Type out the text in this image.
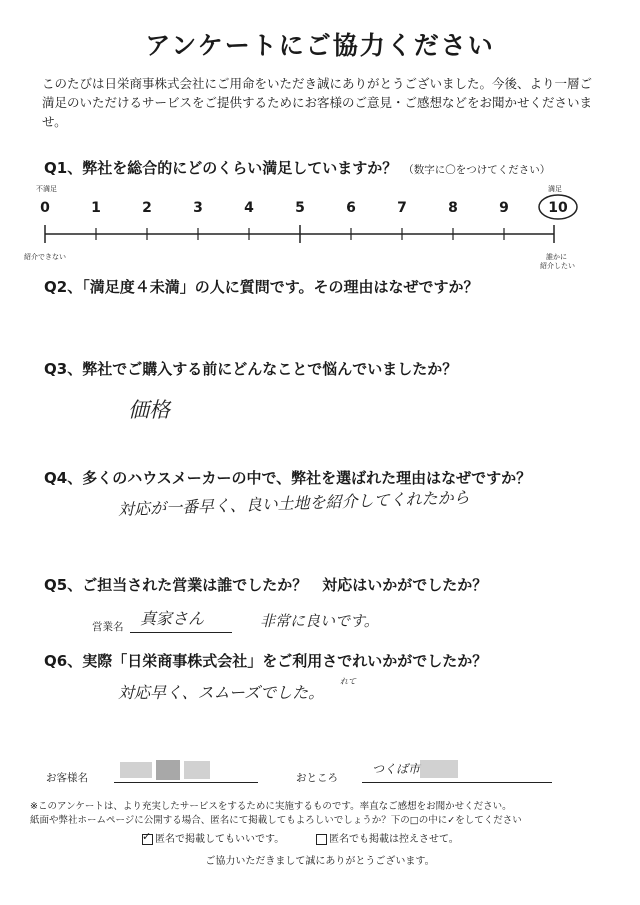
アンケートにご協力ください
このたびは日栄商事株式会社にご用命をいただき誠にありがとうございました。今後、より一層ご満足のいただけるサービスをご提供するためにお客様のご意見・ご感想などをお聞かせくださいませ。
Q1、弊社を総合的にどのくらい満足していますか？ （数字に〇をつけてください）
不満足	満足
0	1	2	3	4	5	6	7	8	9	10
紹介できない	誰かに
紹介したい
Q2、「満足度４未満」の人に質問です。その理由はなぜですか？
Q3、弊社でご購入する前にどんなことで悩んでいましたか？
価格
Q4、多くのハウスメーカーの中で、弊社を選ばれた理由はなぜですか？
対応が一番早く、良い土地を紹介してくれたから
Q5、ご担当された営業は誰でしたか？　対応はいかがでしたか？
営業名 真家さん	非常に良いです。
Q6、実際「日栄商事株式会社」をご利用さでれいかがでしたか？
れて
対応早く、スムーズでした。
お客様名	おところ
つくば市
※このアンケートは、より充実したサービスをするために実施するものです。率直なご感想をお聞かせください。
紙面や弊社ホームページに公開する場合、匿名にて掲載してもよろしいでしょうか？下の□の中に✓をしてください
✓ 匿名で掲載してもいいです。	匿名でも掲載は控えさせて。
ご協力いただきまして誠にありがとうございます。
